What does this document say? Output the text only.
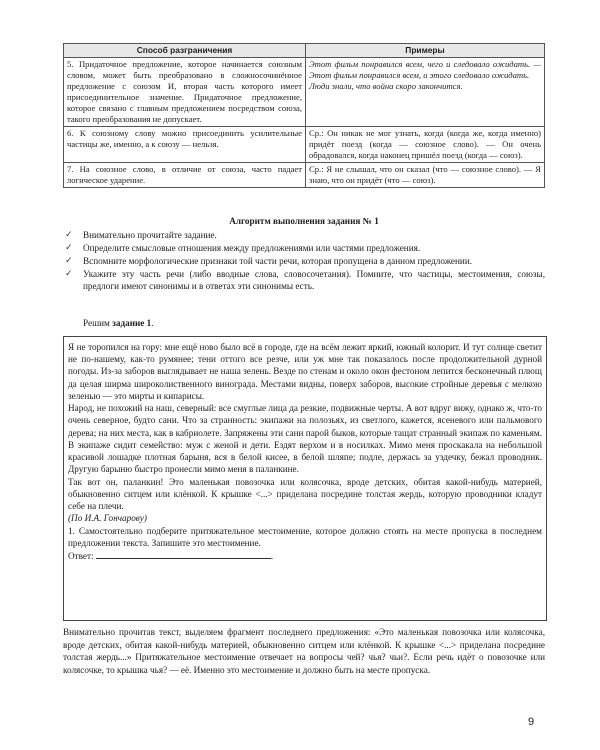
Способ разграничения	Примеры
5. Придаточное предложение, которое начинается союзным словом, может быть преобразовано в сложносочинённое предложение с союзом И, вторая часть которого имеет присоединительное значение. Придаточное предложение, которое связано с главным предложением посредством союза, такого преобразования не допускает.	Этот фильм понравился всем, чего и следовало ожидать. — Этот фильм понравился всем, и этого следовало ожидать.
Люди знали, что война скоро закончится.
6. К союзному слову можно присоединить усилительные частицы же, именно, а к союзу — нельзя.	Ср.: Он никак не мог узнать, когда (когда же, когда именно) придёт поезд (когда — союзное слово). — Он очень обрадовался, когда наконец пришёл поезд (когда — союз).
7. На союзное слово, в отличие от союза, часто падает логическое ударение.	Ср.: Я не слышал, что он сказал (что — союзное слово). — Я знаю, что он придёт (что — союз).
Алгоритм выполнения задания № 1
✓ Внимательно прочитайте задание.
✓ Определите смысловые отношения между предложениями или частями предложения.
✓ Вспомните морфологические признаки той части речи, которая пропущена в данном предложении.
✓ Укажите эту часть речи (либо вводные слова, словосочетания). Помните, что частицы, местоимения, союзы, предлоги имеют синонимы и в ответах эти синонимы есть.
Решим задание 1.

Я не торопился на гору: мне ещё ново было всё в городе, где на всём лежит яркий, южный колорит. И тут солнце светит не по-нашему, как-то румянее; тени оттого все резче, или уж мне так показалось после продолжительной дурной погоды. Из-за заборов выглядывает не наша зелень. Везде по стенам и около окон фестоном лепится бесконечный плющ да целая ширма широколиственного винограда. Местами видны, поверх заборов, высокие стройные деревья с мелкою зеленью — это мирты и кипарисы.

Народ, не похожий на наш, северный: все смуглые лица да резкие, подвижные черты. А вот вдруг вижу, однако ж, что-то очень северное, будто сани. Что за странность: экипажи на полозьях, из светлого, кажется, ясеневого или пальмового дерева; на них места, как в кабриолете. Запряжены эти сани парой быков, которые тащат странный экипаж по каменьям. В экипаже сидит семейство: муж с женой и дети. Ездят верхом и в носилках. Мимо меня проскакала на небольшой красивой лошадке плотная барыня, вся в белой кисее, в белой шляпе; подле, держась за уздечку, бежал проводник. Другую барыню быстро пронесли мимо меня в паланкине.

Так вот он, паланкин! Это маленькая повозочка или колясочка, вроде детских, обитая какой-нибудь материей, обыкновенно ситцем или клёнкой. К крышке <...> приделана посредине толстая жердь, которую проводники кладут себе на плечи.

(По И.А. Гончарову)

1. Самостоятельно подберите притяжательное местоимение, которое должно стоять на месте пропуска в последнем предложении текста. Запишите это местоимение.

Ответ:	.

Внимательно прочитав текст, выделяем фрагмент последнего предложения: «Это маленькая повозочка или колясочка, вроде детских, обитая какой-нибудь материей, обыкновенно ситцем или клёнкой. К крышке <...> приделана посредине толстая жердь...» Притяжательное местоимение отвечает на вопросы чей? чья? чьи?. Если речь идёт о повозочке или колясочке, то крышка чья? — её. Именно это местоимение и должно быть на месте пропуска.

9
